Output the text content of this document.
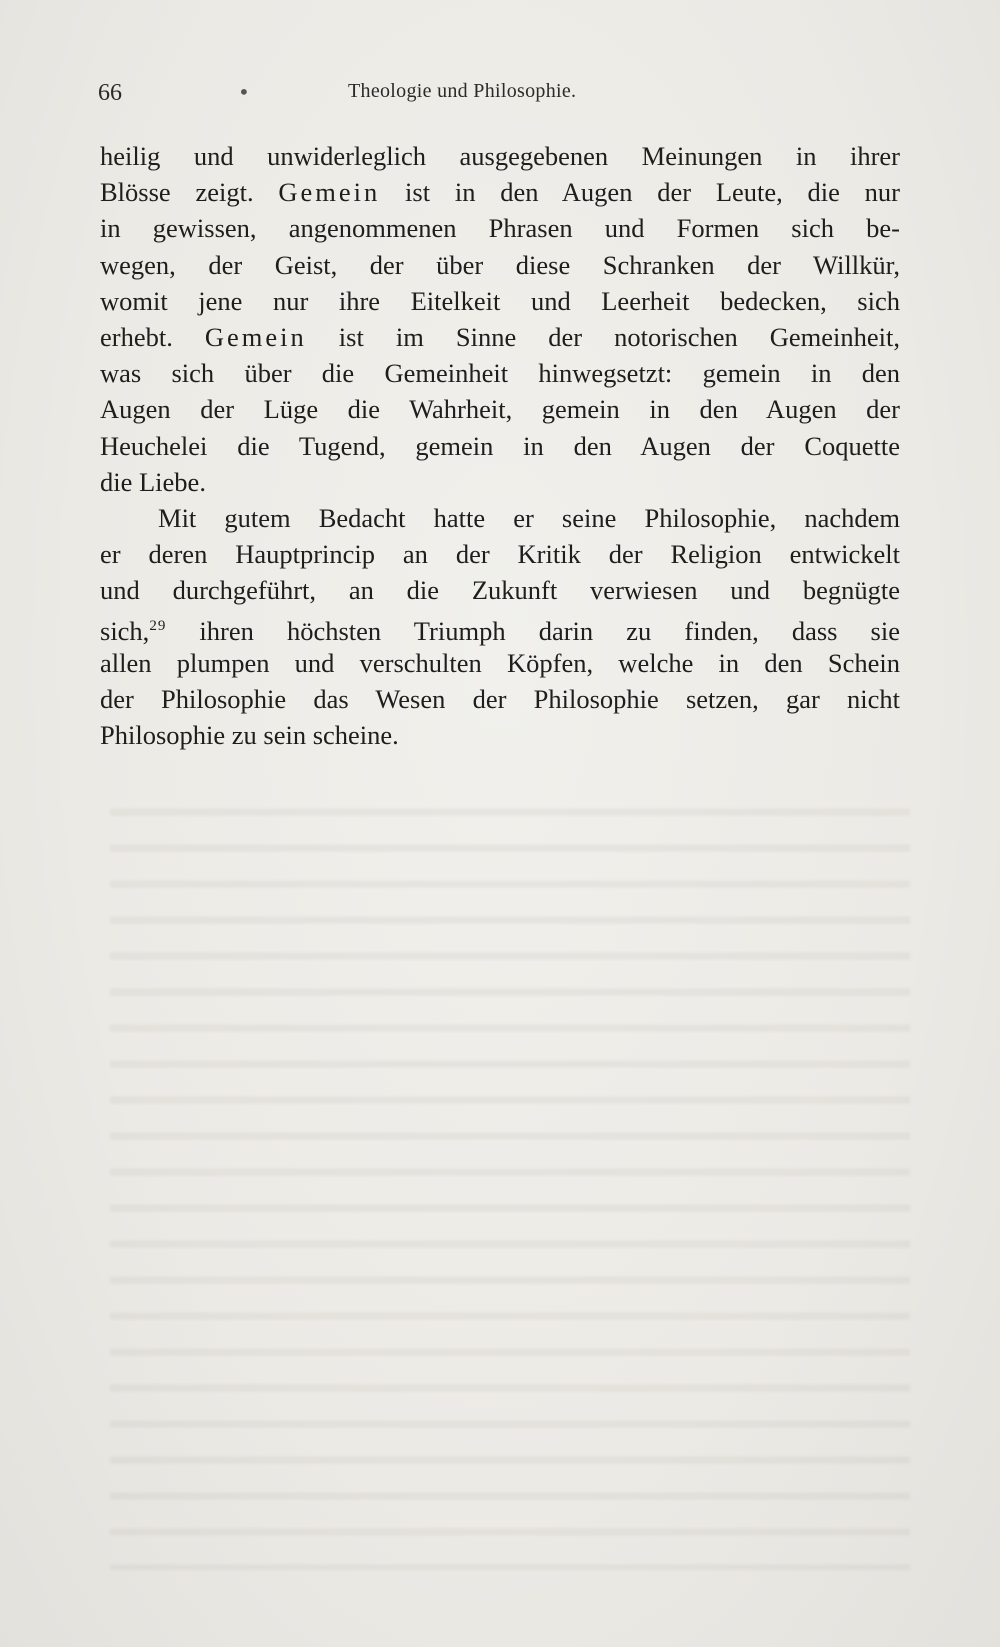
66	•	Theologie und Philosophie.
heilig und unwiderleglich ausgegebenen Meinungen in ihrer
Blösse zeigt. Gemein ist in den Augen der Leute, die nur
in gewissen, angenommenen Phrasen und Formen sich be-
wegen, der Geist, der über diese Schranken der Willkür,
womit jene nur ihre Eitelkeit und Leerheit bedecken, sich
erhebt. Gemein ist im Sinne der notorischen Gemeinheit,
was sich über die Gemeinheit hinwegsetzt: gemein in den
Augen der Lüge die Wahrheit, gemein in den Augen der
Heuchelei die Tugend, gemein in den Augen der Coquette
die Liebe.
Mit gutem Bedacht hatte er seine Philosophie, nachdem
er deren Hauptprincip an der Kritik der Religion entwickelt
und durchgeführt, an die Zukunft verwiesen und begnügte
sich,$^{29}$ ihren höchsten Triumph darin zu finden, dass sie
allen plumpen und verschulten Köpfen, welche in den Schein
der Philosophie das Wesen der Philosophie setzen, gar nicht
Philosophie zu sein scheine.
